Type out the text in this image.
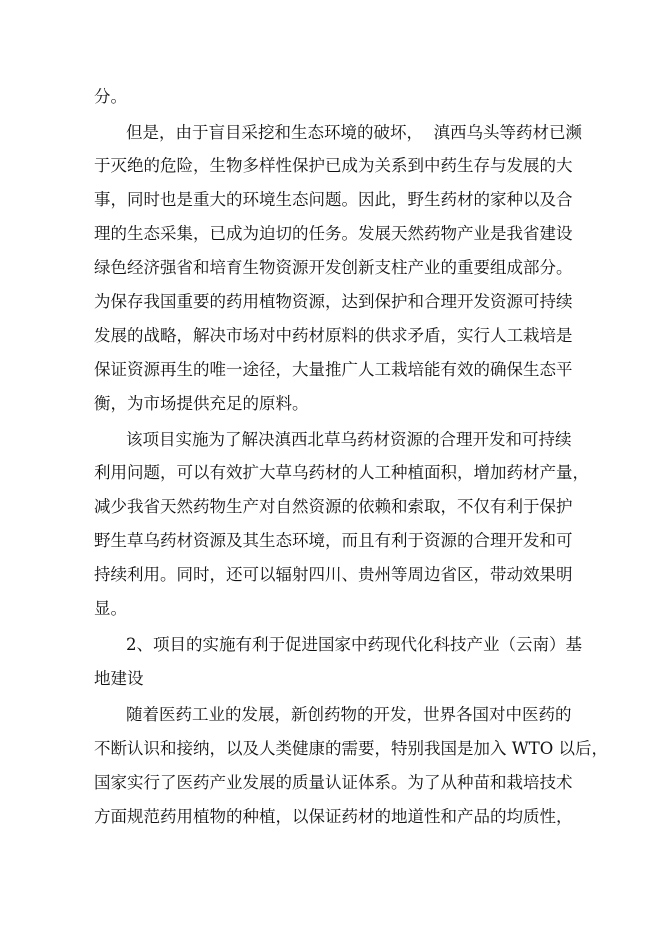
分。
但是，由于盲目采挖和生态环境的破坏，  滇西乌头等药材已濒
于灭绝的危险，生物多样性保护已成为关系到中药生存与发展的大
事，同时也是重大的环境生态问题。因此，野生药材的家种以及合
理的生态采集，已成为迫切的任务。发展天然药物产业是我省建设
绿色经济强省和培育生物资源开发创新支柱产业的重要组成部分。
为保存我国重要的药用植物资源，达到保护和合理开发资源可持续
发展的战略，解决市场对中药材原料的供求矛盾，实行人工栽培是
保证资源再生的唯一途径，大量推广人工栽培能有效的确保生态平
衡，为市场提供充足的原料。
该项目实施为了解决滇西北草乌药材资源的合理开发和可持续
利用问题，可以有效扩大草乌药材的人工种植面积，增加药材产量，
减少我省天然药物生产对自然资源的依赖和索取，不仅有利于保护
野生草乌药材资源及其生态环境，而且有利于资源的合理开发和可
持续利用。同时，还可以辐射四川、贵州等周边省区，带动效果明
显。
2、项目的实施有利于促进国家中药现代化科技产业（云南）基
地建设
随着医药工业的发展，新创药物的开发，世界各国对中医药的
不断认识和接纳，以及人类健康的需要，特别我国是加入 WTO 以后，
国家实行了医药产业发展的质量认证体系。为了从种苗和栽培技术
方面规范药用植物的种植，以保证药材的地道性和产品的均质性，
